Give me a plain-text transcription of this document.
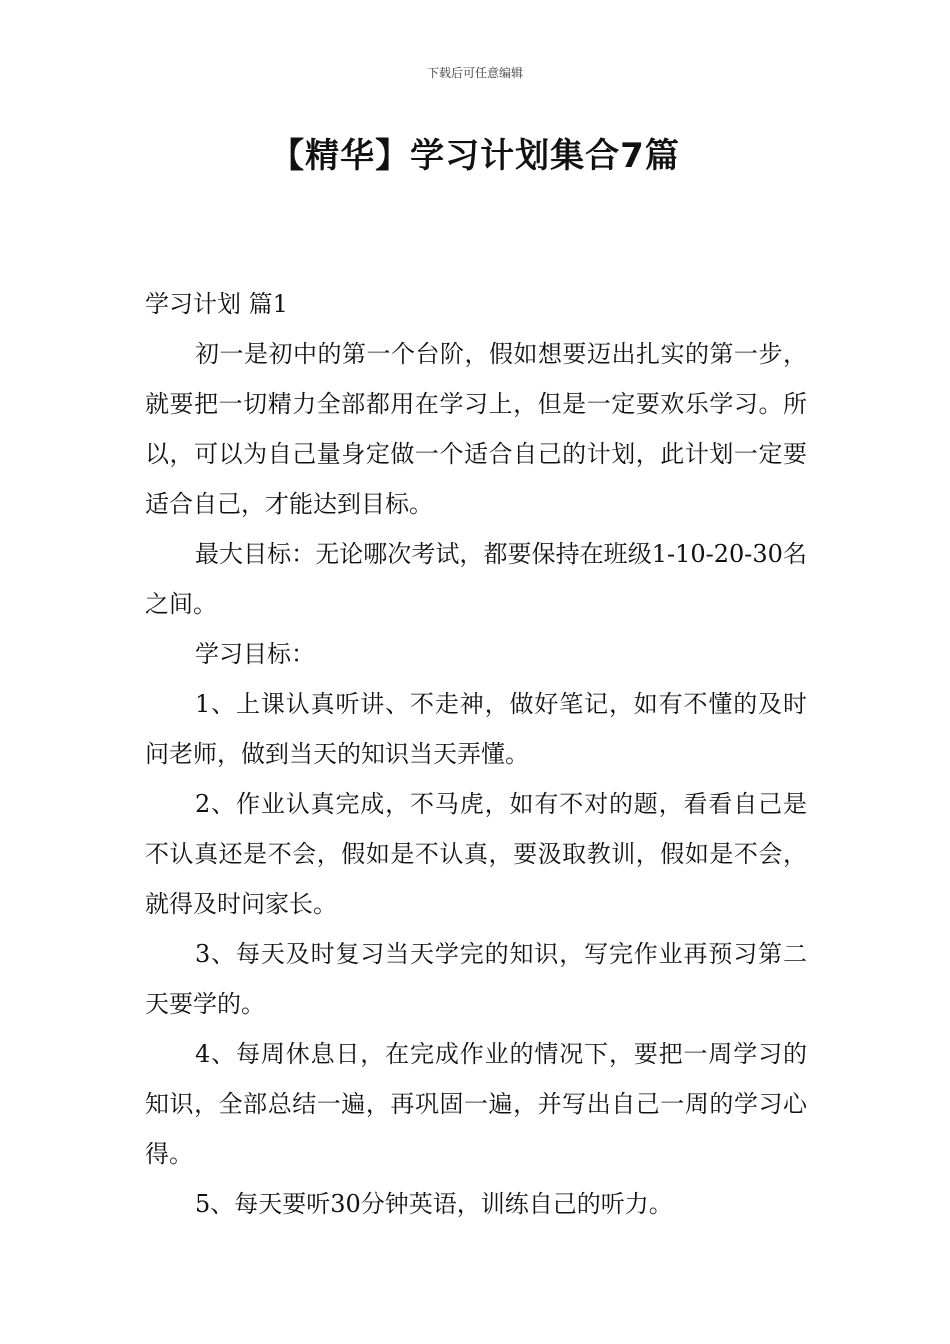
下载后可任意编辑
【精华】学习计划集合7篇

学习计划 篇1

初一是初中的第一个台阶，假如想要迈出扎实的第一步，就要把一切精力全部都用在学习上，但是一定要欢乐学习。所以，可以为自己量身定做一个适合自己的计划，此计划一定要适合自己，才能达到目标。

最大目标：无论哪次考试，都要保持在班级1-10-20-30名之间。

学习目标：

1、上课认真听讲、不走神，做好笔记，如有不懂的及时问老师，做到当天的知识当天弄懂。

2、作业认真完成，不马虎，如有不对的题，看看自己是不认真还是不会，假如是不认真，要汲取教训，假如是不会，就得及时问家长。

3、每天及时复习当天学完的知识，写完作业再预习第二天要学的。

4、每周休息日，在完成作业的情况下，要把一周学习的知识，全部总结一遍，再巩固一遍，并写出自己一周的学习心得。

5、每天要听30分钟英语，训练自己的听力。
